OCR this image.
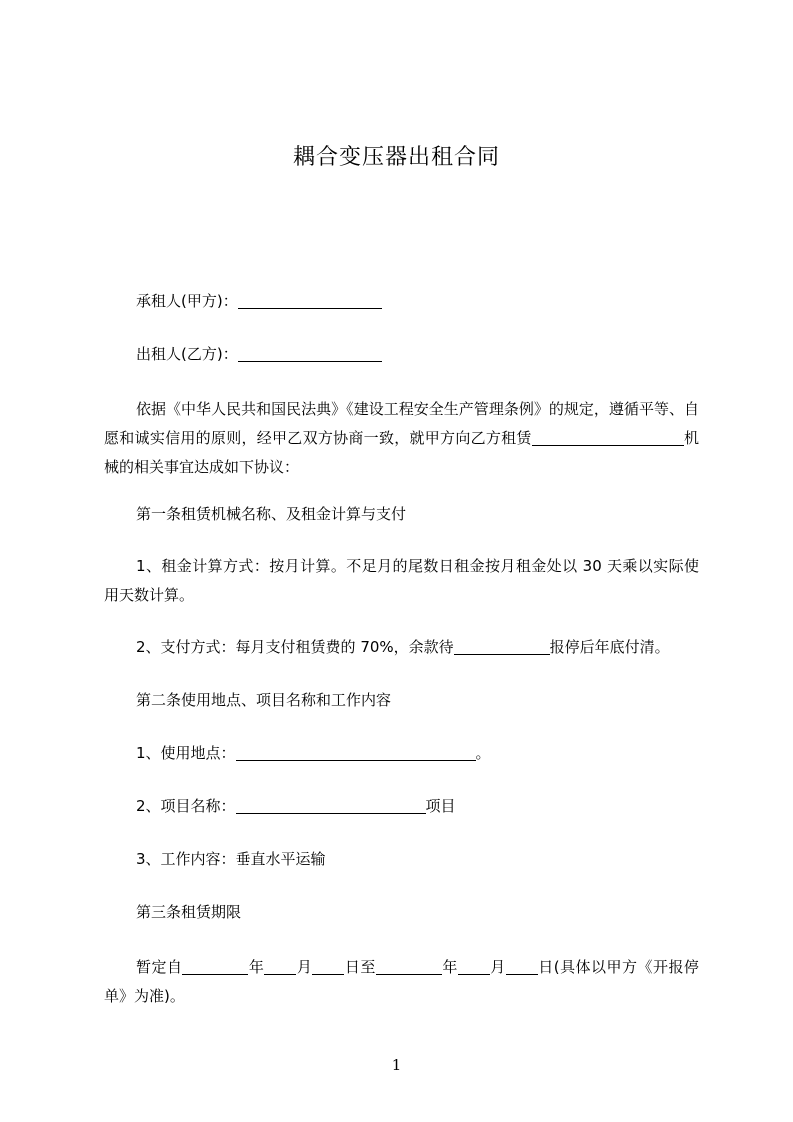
耦合变压器出租合同
承租人(甲方)：
出租人(乙方)：
依据《中华人民共和国民法典》《建设工程安全生产管理条例》的规定，遵循平等、自愿和诚实信用的原则，经甲乙双方协商一致，就甲方向乙方租赁	机械的相关事宜达成如下协议：
第一条租赁机械名称、及租金计算与支付
1、租金计算方式：按月计算。不足月的尾数日租金按月租金处以 30 天乘以实际使用天数计算。
2、支付方式：每月支付租赁费的 70%，余款待	报停后年底付清。
第二条使用地点、项目名称和工作内容
1、使用地点：	。
2、项目名称：	项目
3、工作内容：垂直水平运输
第三条租赁期限
暂定自	年 月 日至	年 月 日(具体以甲方《开报停单》为准)。
1
